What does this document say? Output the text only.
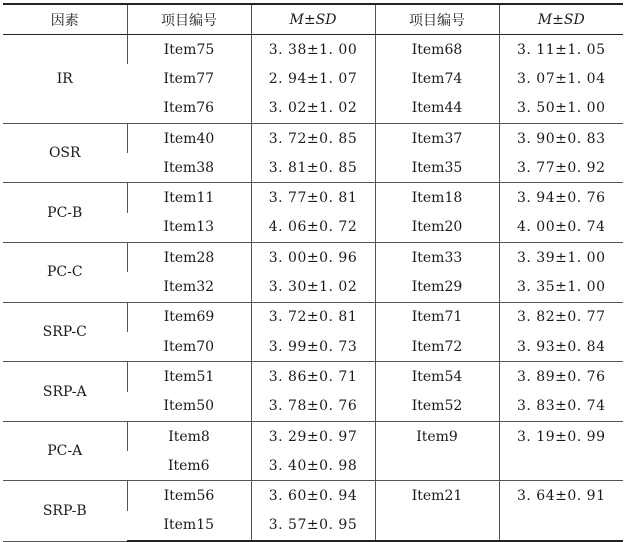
因素	项目编号	M±SD	项目编号	M±SD
IR	Item75	3. 38±1. 00	Item68	3. 11±1. 05
	Item77	2. 94±1. 07	Item74	3. 07±1. 04
	Item76	3. 02±1. 02	Item44	3. 50±1. 00
OSR	Item40	3. 72±0. 85	Item37	3. 90±0. 83
	Item38	3. 81±0. 85	Item35	3. 77±0. 92
PC-B	Item11	3. 77±0. 81	Item18	3. 94±0. 76
	Item13	4. 06±0. 72	Item20	4. 00±0. 74
PC-C	Item28	3. 00±0. 96	Item33	3. 39±1. 00
	Item32	3. 30±1. 02	Item29	3. 35±1. 00
SRP-C	Item69	3. 72±0. 81	Item71	3. 82±0. 77
	Item70	3. 99±0. 73	Item72	3. 93±0. 84
SRP-A	Item51	3. 86±0. 71	Item54	3. 89±0. 76
	Item50	3. 78±0. 76	Item52	3. 83±0. 74
PC-A	Item8	3. 29±0. 97	Item9	3. 19±0. 99
	Item6	3. 40±0. 98		
SRP-B	Item56	3. 60±0. 94	Item21	3. 64±0. 91
	Item15	3. 57±0. 95		
